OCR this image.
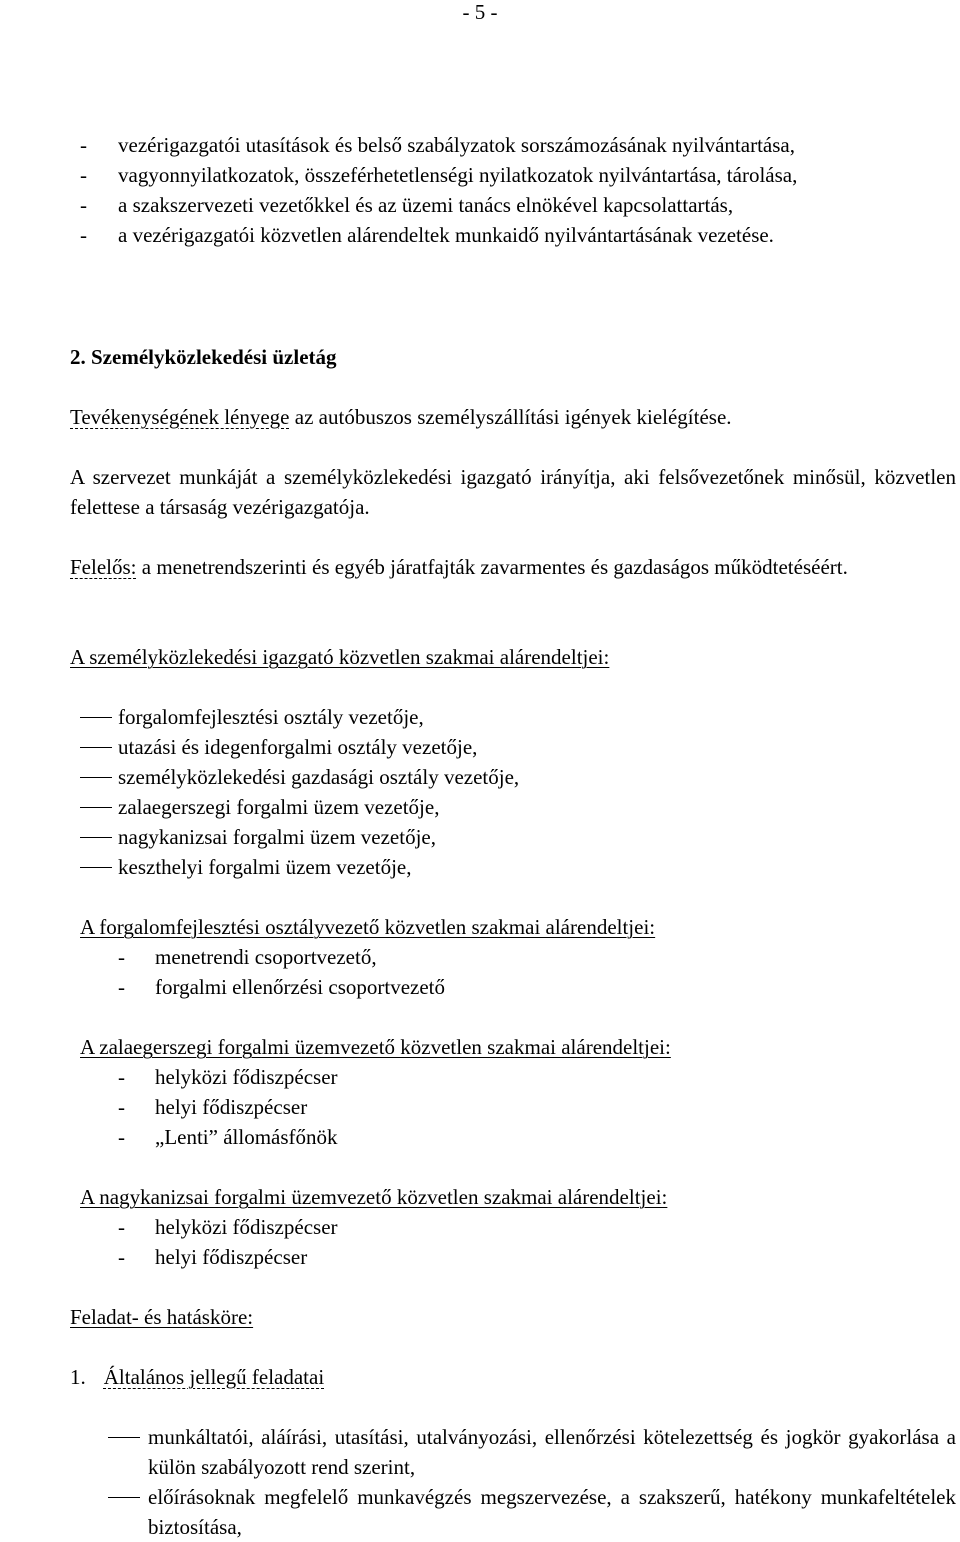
- 5 -
-	vezérigazgatói utasítások és belső szabályzatok sorszámozásának nyilvántartása,
-	vagyonnyilatkozatok, összeférhetetlenségi nyilatkozatok nyilvántartása, tárolása,
-	a szakszervezeti vezetőkkel és az üzemi tanács elnökével kapcsolattartás,
-	a vezérigazgatói közvetlen alárendeltek munkaidő nyilvántartásának vezetése.
2. Személyközlekedési üzletág
Tevékenységének lényege az autóbuszos személyszállítási igények kielégítése.
A szervezet munkáját a személyközlekedési igazgató irányítja, aki felsővezetőnek minősül, közvetlen felettese a társaság vezérigazgatója.
Felelős: a menetrendszerinti és egyéb járatfajták zavarmentes és gazdaságos működtetéséért.
A személyközlekedési igazgató közvetlen szakmai alárendeltjei:
forgalomfejlesztési osztály vezetője,
utazási és idegenforgalmi osztály vezetője,
személyközlekedési gazdasági osztály vezetője,
zalaegerszegi forgalmi üzem vezetője,
nagykanizsai forgalmi üzem vezetője,
keszthelyi forgalmi üzem vezetője,
A forgalomfejlesztési osztályvezető közvetlen szakmai alárendeltjei:
- menetrendi csoportvezető,
- forgalmi ellenőrzési csoportvezető
A zalaegerszegi forgalmi üzemvezető közvetlen szakmai alárendeltjei:
- helyközi fődiszpécser
- helyi fődiszpécser
- „Lenti” állomásfőnök
A nagykanizsai forgalmi üzemvezető közvetlen szakmai alárendeltjei:
- helyközi fődiszpécser
- helyi fődiszpécser
Feladat- és hatásköre:
1. Általános jellegű feladatai
munkáltatói, aláírási, utasítási, utalványozási, ellenőrzési kötelezettség és jogkör gyakorlása a külön szabályozott rend szerint,
előírásoknak megfelelő munkavégzés megszervezése, a szakszerű, hatékony munkafeltételek biztosítása,
